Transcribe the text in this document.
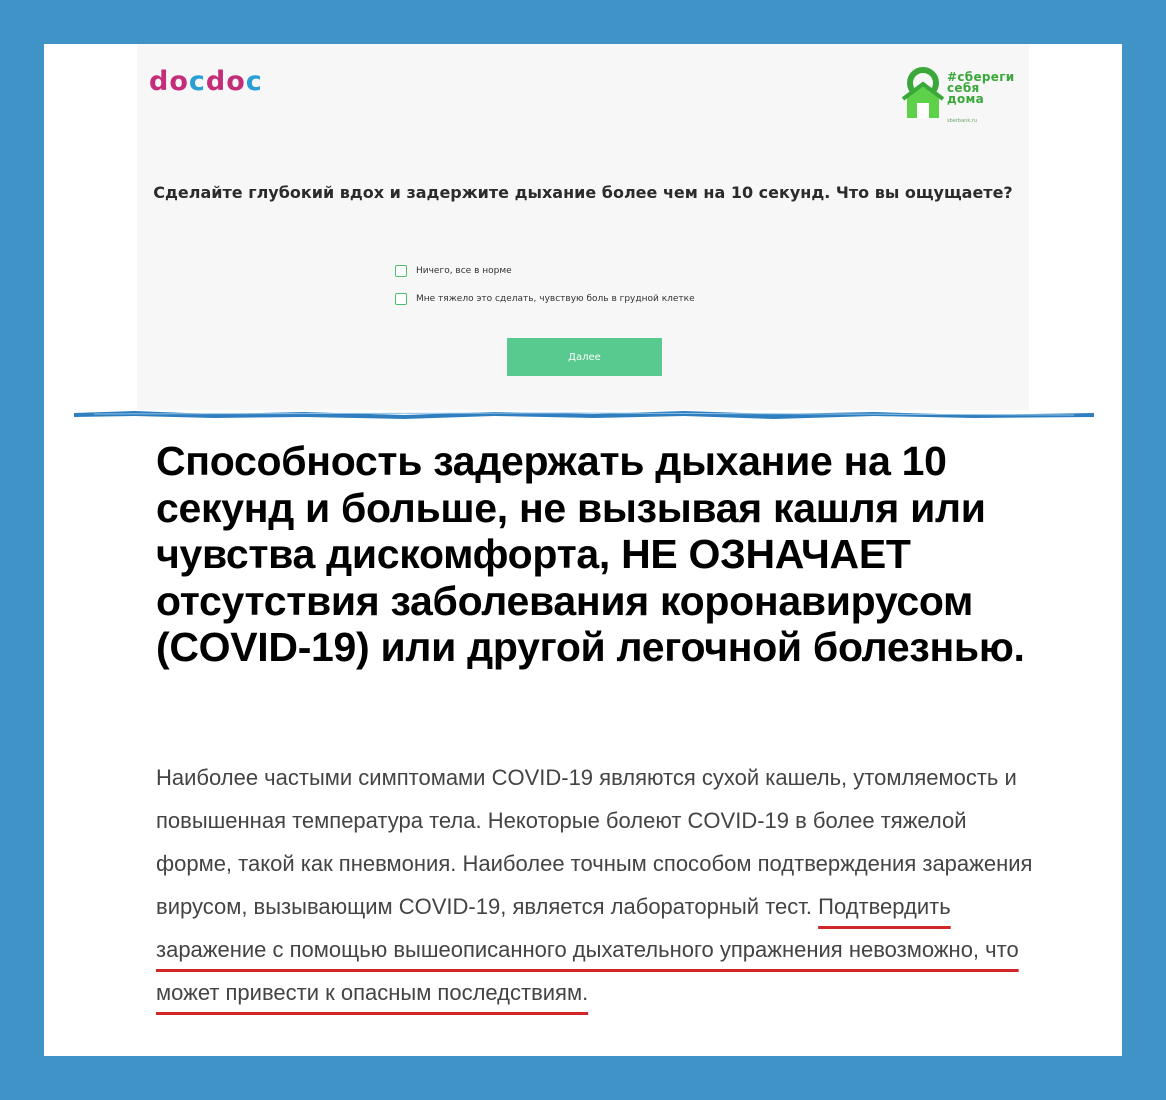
docdoc	#сбереги
себя
дома
sberbank.ru
Сделайте глубокий вдох и задержите дыхание более чем на 10 секунд. Что вы ощущаете?
Ничего, все в норме
Мне тяжело это сделать, чувствую боль в грудной клетке
Далее
Способность задержать дыхание на 10 секунд и больше, не вызывая кашля или чувства дискомфорта, НЕ ОЗНАЧАЕТ отсутствия заболевания коронавирусом (COVID-19) или другой легочной болезнью.
Наиболее частыми симптомами COVID-19 являются сухой кашель, утомляемость и повышенная температура тела. Некоторые болеют COVID-19 в более тяжелой форме, такой как пневмония. Наиболее точным способом подтверждения заражения вирусом, вызывающим COVID-19, является лабораторный тест. Подтвердить заражение с помощью вышеописанного дыхательного упражнения невозможно, что может привести к опасным последствиям.
